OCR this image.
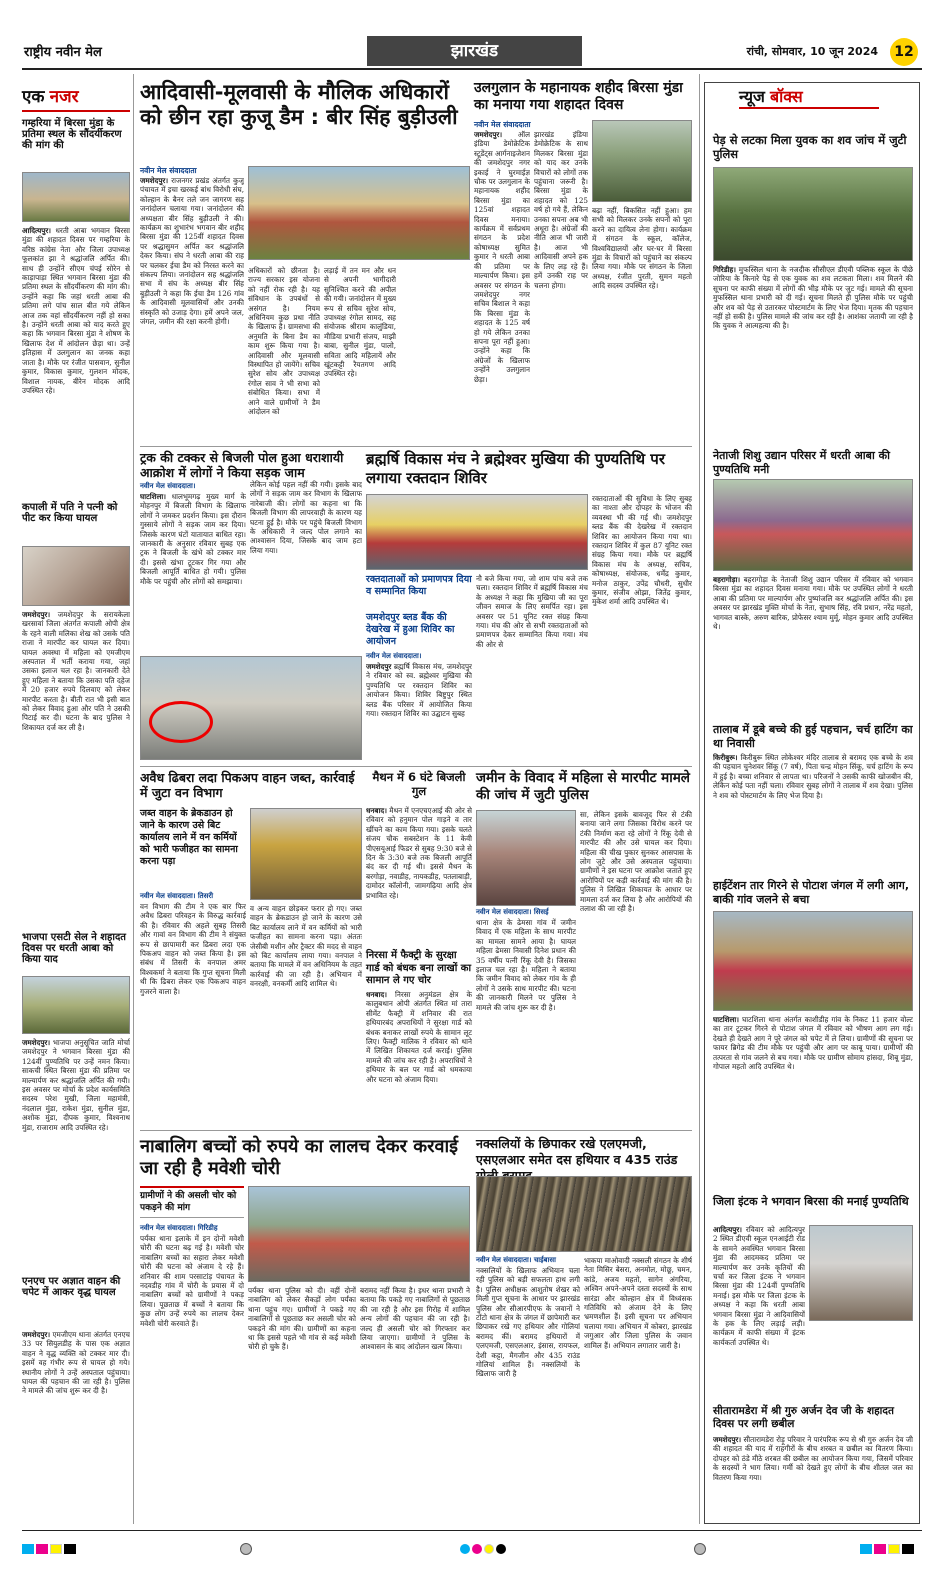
राष्ट्रीय नवीन मेल	झारखंड	रांची, सोमवार, 10 जून 2024	12
एक नजर
गम्हरिया में बिरसा मुंडा के प्रतिमा स्थल के सौंदर्यीकरण की मांग की
आदित्यपुर। धरती आबा भगवान बिरसा मुंडा की शहादत दिवस पर गम्हरिया के वरिष्ठ कांग्रेस नेता और जिला उपाध्यक्ष फूलकांत झा ने श्रद्धांजलि अर्पित की। साथ ही उन्होंने सीएम चंपई सोरेन से काड़ापाड़ा स्थित भगवान बिरसा मुंडा की प्रतिमा स्थल के सौंदर्यीकरण की मांग की। उन्होंने कहा कि जहां धरती आबा की प्रतिमा लगे पांच साल बीत गये लेकिन आज तक वहां सौंदर्यीकरण नहीं हो सका है। उन्होंने धरती आबा को याद करते हुए कहा कि भगवान बिरसा मुंडा ने शोषण के खिलाफ देश में आंदोलन छेड़ा था। उन्हें इतिहास में उलगुलान का जनक कहा जाता है। मौके पर रंजीत पासवान, सुनील कुमार, विकास कुमार, गुलशन मोदक, विशाल नायक, बीरेन मोदक आदि उपस्थित रहे।
कपाली में पति ने पत्नी को पीट कर किया घायल
जमशेदपुर। जमशेदपुर के सरायकेला खरसावां जिला अंतर्गत कपाली ओपी क्षेत्र के रहने वाली मलिका शेख को उसके पति राजा ने मारपीट कर घायल कर दिया। घायल अवस्था में महिला को एमजीएम अस्पताल में भर्ती कराया गया, जहां उसका इलाज चल रहा है। जानकारी देते हुए महिला ने बताया कि उसका पति दहेज में 20 हजार रुपये दिलवाए को लेकर मारपीट करता है। बीती रात भी इसी बात को लेकर विवाद हुआ और पति ने उसकी पिटाई कर दी। घटना के बाद पुलिस ने शिकायत दर्ज कर ली है।
भाजपा एसटी सेल ने शहादत दिवस पर धरती आबा को किया याद
जमशेदपुर। भाजपा अनुसूचित जाति मोर्चा जमशेदपुर ने भगवान बिरसा मुंडा की 124वीं पुण्यतिथि पर उन्हें नमन किया। साकची स्थित बिरसा मुंडा की प्रतिमा पर माल्यार्पण कर श्रद्धांजलि अर्पित की गयी। इस अवसर पर मोर्चा के प्रदेश कार्यसमिति सदस्य परेश मुखी, जिला महामंत्री, नंदलाल मुंडा, राकेश मुंडा, सुनील मुंडा, अशोक मुंडा, दीपक कुमार, विश्वनाथ मुंडा, राजाराम आदि उपस्थित रहे।
एनएच पर अज्ञात वाहन की चपेट में आकर वृद्ध घायल
जमशेदपुर। एमजीएम थाना अंतर्गत एनएच 33 पर सियुलडीह के पास एक अज्ञात वाहन ने वृद्ध व्यक्ति को टक्कर मार दी। इसमें वह गंभीर रूप से घायल हो गये। स्थानीय लोगों ने उन्हें अस्पताल पहुंचाया। घायल की पहचान की जा रही है। पुलिस ने मामले की जांच शुरू कर दी है।
आदिवासी-मूलवासी के मौलिक अधिकारों को छीन रहा कुजू डैम : बीर सिंह बुड़ीउली
नवीन मेल संवाददाता
जमशेदपुर। राजनगर प्रखंड अंतर्गत कुजू पंचायत में इचा खरकई बांध विरोधी संघ, कोल्हान के बैनर तले जन जागरण सह जनांदोलन चलाया गया। जनांदोलन की अध्यक्षता बीर सिंह बुड़ीउली ने की। कार्यक्रम का शुभारंभ भगवान बीर शहीद बिरसा मुंडा की 125वीं शहादत दिवस पर श्रद्धासुमन अर्पित कर श्रद्धांजलि देकर किया। संघ ने धरती आबा की राह पर चलकर ईचा डैम को निरस्त करने का संकल्प लिया। जनांदोलन सह श्रद्धांजलि सभा में संघ के अध्यक्ष बीर सिंह बुड़ीउली ने कहा कि ईचा डैम 126 गांव के आदिवासी मूलवासियों और उनकी संस्कृति को उजाड़ देगा। हमें अपने जल, जंगल, जमीन की रक्षा करनी होगी।
अधिकारों को छीनता है। राज्य सरकार इस योजना को नहीं रोक रही है। यह संविधान के उपबंधों से असंगत है। नियम अधिनियम कुछ प्रथा नीति के खिलाफ है। ग्रामसभा की अनुमति के बिना डैम का काम शुरू किया गया है। आदिवासी और मूलवासी विस्थापित हो जायेंगे। सचिव सुरेश सोय और उपाध्यक्ष रंगोल साव ने भी सभा को संबोधित किया। सभा में आने वाले ग्रामीणों ने डैम आंदोलन को
लड़ाई में तन मन और धन से अपनी भागीदारी सुनिश्चित करने की अपील की गयी। जनांदोलन में मुख्य रूप से सचिव सुरेश सोय, उपाध्यक्ष रंगोल सामद, सह संयोजक श्रीराम कालुंडिया, मीडिया प्रभारी संजय, माझी बाबा, सुनील मुंडा, पालो, सविता आदि महिलायें और खूंटकट्टी रैयतगण आदि उपस्थित रहे।
उलगुलान के महानायक शहीद बिरसा मुंडा का मनाया गया शहादत दिवस
नवीन मेल संवाददाता
जमशेदपुर। ऑल इंडिया डेमोक्रेटिक स्टूडेंट्स आर्गनाइजेशन की जमशेदपुर नगर इकाई ने घुरमाईज्ञ चौक पर उलगुलान के महानायक शहीद बिरसा मुंडा का 125वां शहादत दिवस मनाया। कार्यक्रम में सर्वप्रथम संगठन के प्रदेश कोषाध्यक्ष सुमित कुमार ने धरती आबा की प्रतिमा पर माल्यार्पण किया। इस अवसर पर संगठन के जमशेदपुर नगर सचिव बिशाल ने कहा कि बिरसा मुंडा के शहादत के 125 वर्ष हो गये लेकिन उनका सपना पूरा नहीं हुआ। उन्होंने कहा कि अंग्रेजों के खिलाफ उन्होंने उलगुलान छेड़ा।
झारखंड इंडिया डेमोक्रेटिक के साथ मिलकर बिरसा मुंडा को याद कर उनके विचारों को लोगों तक पहुंचाना जरूरी है। बिरसा मुंडा के शहादत को 125 वर्ष हो गये हैं, लेकिन उनका सपना अब भी अधूरा है। अंग्रेजों की नीति आज भी जारी है। आज भी आदिवासी अपने हक के लिए लड़ रहे हैं। हमें उनकी राह पर चलना होगा।
बढ़ा नहीं, बिकसित नहीं हुआ। हम सभी को मिलकर उनके सपनों को पूरा करने का दायित्व लेना होगा। कार्यक्रम में संगठन के स्कूल, कॉलेज, विश्वविद्यालयों और घर-घर में बिरसा मुंडा के विचारों को पहुंचाने का संकल्प लिया गया। मौके पर संगठन के जिला अध्यक्ष, रंजीत पुरती, सुमन महतो आदि सदस्य उपस्थित रहे।
ट्रक की टक्कर से बिजली पोल हुआ धराशायी आक्रोश में लोगों ने किया सड़क जाम
नवीन मेल संवाददाता।
घाटशिला। धालभूमगढ़ मुख्य मार्ग के मोहनपुर में बिजली विभाग के खिलाफ लोगों ने जमकर प्रदर्शन किया। इस दौरान गुस्साये लोगों ने सड़क जाम कर दिया। जिसके कारण घंटों यातायात बाधित रहा। जानकारी के अनुसार रविवार सुबह एक ट्रक ने बिजली के खंभे को टक्कर मार दी। इससे खंभा टूटकर गिर गया और बिजली आपूर्ति बाधित हो गयी। पुलिस मौके पर पहुंची और लोगों को समझाया।
लेकिन कोई पहल नहीं की गयी। इसके बाद लोगों ने सड़क जाम कर विभाग के खिलाफ नारेबाजी की। लोगों का कहना था कि बिजली विभाग की लापरवाही के कारण यह घटना हुई है। मौके पर पहुंचे बिजली विभाग के अधिकारी ने जल्द पोल लगाने का आश्वासन दिया, जिसके बाद जाम हटा लिया गया।
ब्रह्मर्षि विकास मंच ने ब्रह्मेश्वर मुखिया की पुण्यतिथि पर लगाया रक्तदान शिविर
रक्तदाताओं की सुविधा के लिए सुबह का नाश्ता और दोपहर के भोजन की व्यवस्था भी की गई थी। जमशेदपुर ब्लड बैंक की देखरेख में रक्तदान शिविर का आयोजन किया गया था। रक्तदान शिविर में कुल 87 यूनिट रक्त संग्रह किया गया। मौके पर ब्रह्मर्षि विकास मंच के अध्यक्ष, सचिव, कोषाध्यक्ष, संयोजक, धर्मेंद्र कुमार, मनोज ठाकुर, उपेंद्र चौधरी, सुधीर कुमार, संजीव ओझा, जितेंद्र कुमार, मुकेश शर्मा आदि उपस्थित थे।
रक्तदाताओं को प्रमाणपत्र दिया व सम्मानित किया
जमशेदपुर ब्लड बैंक की देखरेख में हुआ शिविर का आयोजन
नवीन मेल संवाददाता।
जमशेदपुर ब्रह्मर्षि विकास मंच, जमशेदपुर ने रविवार को स्व. ब्रह्मेश्वर मुखिया की पुण्यतिथि पर रक्तदान शिविर का आयोजन किया। शिविर बिष्टुपुर स्थित ब्लड बैंक परिसर में आयोजित किया गया। रक्तदान शिविर का उद्घाटन सुबह
नौ बजे किया गया, जो शाम पांच बजे तक चला। रक्तदान शिविर में ब्रह्मर्षि विकास मंच के अध्यक्ष ने कहा कि मुखिया जी का पूरा जीवन समाज के लिए समर्पित रहा। इस अवसर पर 51 यूनिट रक्त संग्रह किया गया। मंच की ओर से सभी रक्तदाताओं को प्रमाणपत्र देकर सम्मानित किया गया। मंच की ओर से
अवैध ढिबरा लदा पिकअप वाहन जब्त, कार्रवाई में जुटा वन विभाग
जब्त वाहन के ब्रेकडाउन हो जाने के कारण उसे बिट कार्यालय लाने में वन कर्मियों को भारी फजीहत का सामना करना पड़ा
नवीन मेल संवाददाता। तिसरी
वन विभाग की टीम ने एक बार फिर अवैध ढिबरा परिवहन के विरुद्ध कार्रवाई की है। रविवार की अहले सुबह तिसरी और गावां वन विभाग की टीम ने संयुक्त रूप से छापामारी कर ढिबरा लदा एक पिकअप वाहन को जब्त किया है। इस संबंध में तिसरी के वनपाल अमर विश्वकर्मा ने बताया कि गुप्त सूचना मिली थी कि ढिबरा लेकर एक पिकअप वाहन गुजरने वाला है।
व अन्य वाहन छोड़कर फरार हो गए। जब्त वाहन के ब्रेकडाउन हो जाने के कारण उसे बिट कार्यालय लाने में वन कर्मियों को भारी फजीहत का सामना करना पड़ा। अंततः जेसीबी मशीन और ट्रैक्टर की मदद से वाहन को बिट कार्यालय लाया गया। वनपाल ने बताया कि मामले में वन अधिनियम के तहत कार्रवाई की जा रही है। अभियान में वनरक्षी, वनकर्मी आदि शामिल थे।
मैथन में 6 घंटे बिजली गुल
धनबाद। मैथन में एनएचएआई की ओर से रविवार को हनुमान पोल गाड़ने व तार खींचने का काम किया गया। इसके चलते संजय चौक सबस्टेशन के 11 केवी पीएसयूआई फिडर से सुबह 9:30 बजे से दिन के 3:30 बजे तक बिजली आपूर्ति बंद कर दी गई थी। इससे मैथन के बरगोड़ा, नवाडीह, नायकडीह, पतलाबाड़ी, दामोदर कॉलोनी, जामगढ़िया आदि क्षेत्र प्रभावित रहे।
निरसा में फैक्ट्री के सुरक्षा गार्ड को बंधक बना लाखों का सामान ले गए चोर
धनबाद। निरसा अनुमंडल क्षेत्र के कालुबथान ओपी अंतर्गत स्थित मां तारा सीमेंट फैक्ट्री में शनिवार की रात हथियारबंद अपराधियों ने सुरक्षा गार्ड को बंधक बनाकर लाखों रुपये के सामान लूट लिए। फैक्ट्री मालिक ने रविवार को थाने में लिखित शिकायत दर्ज कराई। पुलिस मामले की जांच कर रही है। अपराधियों ने हथियार के बल पर गार्ड को धमकाया और घटना को अंजाम दिया।
जमीन के विवाद में महिला से मारपीट मामले की जांच में जुटी पुलिस
नवीन मेल संवाददाता। सिसई
थाना क्षेत्र के ढेमसा गांव में जमीन विवाद में एक महिला के साथ मारपीट का मामला सामने आया है। घायल महिला ढेमसा निवासी दिनेश प्रधान की 35 वर्षीय पत्नी रिंकू देवी है। जिसका इलाज चल रहा है। महिला ने बताया कि जमीन विवाद को लेकर गांव के ही लोगों ने उसके साथ मारपीट की। घटना की जानकारी मिलने पर पुलिस ने मामले की जांच शुरू कर दी है।
सा, लेकिन इसके बावजूद फिर से टंकी बनाया जाने लगा जिसका विरोध करने पर टंकी निर्माण करा रहे लोगों ने रिंकू देवी से मारपीट की और उसे घायल कर दिया। महिला की चीख पुकार सुनकर आसपास के लोग जुटे और उसे अस्पताल पहुंचाया। ग्रामीणों ने इस घटना पर आक्रोश जताते हुए आरोपियों पर कड़ी कार्रवाई की मांग की है। पुलिस ने लिखित शिकायत के आधार पर मामला दर्ज कर लिया है और आरोपियों की तलाश की जा रही है।
नाबालिग बच्चों को रुपये का लालच देकर करवाई जा रही है मवेशी चोरी
ग्रामीणों ने की असली चोर को पकड़ने की मांग
नवीन मेल संवाददाता। गिरिडीह
पर्यंका थाना इलाके में इन दोनों मवेशी चोरी की घटना बढ़ गई है। मवेशी चोर नाबालिग बच्चों का सहारा लेकर मवेशी चोरी की घटना को अंजाम दे रहे हैं। शनिवार की शाम परसाटांड़ पंचायत के नदवडीह गांव में चोरी के प्रयास में दो नाबालिग बच्चों को ग्रामीणों ने पकड़ लिया। पूछताछ में बच्चों ने बताया कि कुछ लोग उन्हें रुपये का लालच देकर मवेशी चोरी करवाते हैं।
पर्यंका थाना पुलिस को दी। वहीं दोनों नाबालिग को लेकर सैकड़ों लोग पर्यंका थाना पहुंच गए। ग्रामीणों ने पकड़े गए नाबालिगों से पूछताछ कर असली चोर को पकड़ने की मांग की। ग्रामीणों का कहना था कि इससे पहले भी गांव से कई मवेशी चोरी हो चुके हैं।
बरामद नहीं किया है। इधर थाना प्रभारी ने बताया कि पकड़े गए नाबालिगों से पूछताछ की जा रही है और इस गिरोह में शामिल अन्य लोगों की पहचान की जा रही है। जल्द ही असली चोर को गिरफ्तार कर लिया जाएगा। ग्रामीणों ने पुलिस के आश्वासन के बाद आंदोलन खत्म किया।
नक्सलियों के छिपाकर रखे एलएमजी, एसएलआर समेत दस हथियार व 435 राउंड
नवीन मेल संवाददाता। चाईबासा
नक्सलियों के खिलाफ अभियान चला रही पुलिस को बड़ी सफलता हाथ लगी है। पुलिस अधीक्षक आशुतोष शेखर को मिली गुप्त सूचना के आधार पर झारखंड पुलिस और सीआरपीएफ के जवानों ने टोंटो थाना क्षेत्र के जंगल में छापेमारी कर छिपाकर रखे गए हथियार और गोलियां बरामद कीं। बरामद हथियारों में एलएमजी, एसएलआर, इंसास, रायफल, देशी कट्टा, मैगजीन और 435 राउंड गोलियां शामिल हैं। नक्सलियों के खिलाफ जारी है
भाकपा माओवादी नक्सली संगठन के शीर्ष नेता मिसिर बेसरा, अनमोल, मोछू, चमन, कांडे, अजय महतो, सागेन अंगरिया, अश्विन अपने-अपने दस्ता सदस्यों के साथ सारंडा और कोल्हान क्षेत्र में विध्वंसक गतिविधि को अंजाम देने के लिए भ्रमणशील हैं। इसी सूचना पर अभियान चलाया गया। अभियान में कोबरा, झारखंड जगुआर और जिला पुलिस के जवान शामिल हैं। अभियान लगातार जारी है।
न्यूज बॉक्स
पेड़ से लटका मिला युवक का शव जांच में जुटी पुलिस
गिरिडीह। मुफस्सिल थाना के नजदीक सीसीएल डीएवी पब्लिक स्कूल के पीछे जोरिया के किनारे पेड़ से एक युवक का शव लटकता मिला। शव मिलने की सूचना पर काफी संख्या में लोगों की भीड़ मौके पर जुट गई। मामले की सूचना मुफस्सिल थाना प्रभारी को दी गई। सूचना मिलते ही पुलिस मौके पर पहुंची और शव को पेड़ से उतारकर पोस्टमार्टम के लिए भेज दिया। मृतक की पहचान नहीं हो सकी है। पुलिस मामले की जांच कर रही है। आशंका जतायी जा रही है कि युवक ने आत्महत्या की है।
नेताजी शिशु उद्यान परिसर में धरती आबा की पुण्यतिथि मनी
बहरागोड़ा। बहरागोड़ा के नेताजी शिशु उद्यान परिसर में रविवार को भगवान बिरसा मुंडा का शहादत दिवस मनाया गया। मौके पर उपस्थित लोगों ने धरती आबा की प्रतिमा पर माल्यार्पण और पुष्पांजलि कर श्रद्धांजलि अर्पित की। इस अवसर पर झारखंड मुक्ति मोर्चा के नेता, सुभाष सिंह, रवि प्रधान, नरेंद्र महतो, भागवत बास्के, अरुण बारिक, प्रोफेसर श्याम मुर्मू, मोहन कुमार आदि उपस्थित थे।
तालाब में डूबे बच्चे की हुई पहचान, चर्च हाटिंग का था निवासी
किरीबुरू। किरीबुरू स्थित लोकेश्वर मंदिर तालाब से बरामद एक बच्चे के शव की पहचान चुनेशवर सिंकू (7 वर्ष), पिता चन्द्र मोहन सिंकू, चर्च हाटिंग के रूप में हुई है। बच्चा शनिवार से लापता था। परिजनों ने उसकी काफी खोजबीन की, लेकिन कोई पता नहीं चला। रविवार सुबह लोगों ने तालाब में शव देखा। पुलिस ने शव को पोस्टमार्टम के लिए भेज दिया है।
हाईटेंशन तार गिरने से पोटाश जंगल में लगी आग, बाकी गांव जलने से बचा
घाटशिला। घाटशिला थाना अंतर्गत काशीडीह गांव के निकट 11 हजार वोल्ट का तार टूटकर गिरने से पोटाश जंगल में रविवार को भीषण आग लग गई। देखते ही देखते आग ने पूरे जंगल को चपेट में ले लिया। ग्रामीणों की सूचना पर फायर ब्रिगेड की टीम मौके पर पहुंची और आग पर काबू पाया। ग्रामीणों की तत्परता से गांव जलने से बच गया। मौके पर ग्रामीण सोमाय हांसदा, शिबू मुंडा, गोपाल महतो आदि उपस्थित थे।
जिला इंटक ने भगवान बिरसा की मनाई पुण्यतिथि
आदित्यपुर। रविवार को आदित्यपुर 2 स्थित डीएवी स्कूल एनआईटी रोड के सामने अवस्थित भगवान बिरसा मुंडा की आदमकद प्रतिमा पर माल्यार्पण कर उनके कृतियों की चर्चा कर जिला इंटक ने भगवान बिरसा मुंडा की 124वीं पुण्यतिथि मनाई। इस मौके पर जिला इंटक के अध्यक्ष ने कहा कि धरती आबा भगवान बिरसा मुंडा ने आदिवासियों के हक के लिए लड़ाई लड़ी। कार्यक्रम में काफी संख्या में इंटक कार्यकर्ता उपस्थित थे।
सीतारामडेरा में श्री गुरु अर्जन देव जी के शहादत दिवस पर लगी छबील
जमशेदपुर। सीतारामडेरा रोड़ू परिवार ने पारंपरिक रूप से श्री गुरु अर्जन देव जी की शहादत की याद में राहगीरों के बीच शरबत व छबील का वितरण किया। दोपहर को ठंडे मीठे शरबत की छबील का आयोजन किया गया, जिसमें परिवार के सदस्यों ने भाग लिया। गर्मी को देखते हुए लोगों के बीच शीतल जल का वितरण किया गया।
